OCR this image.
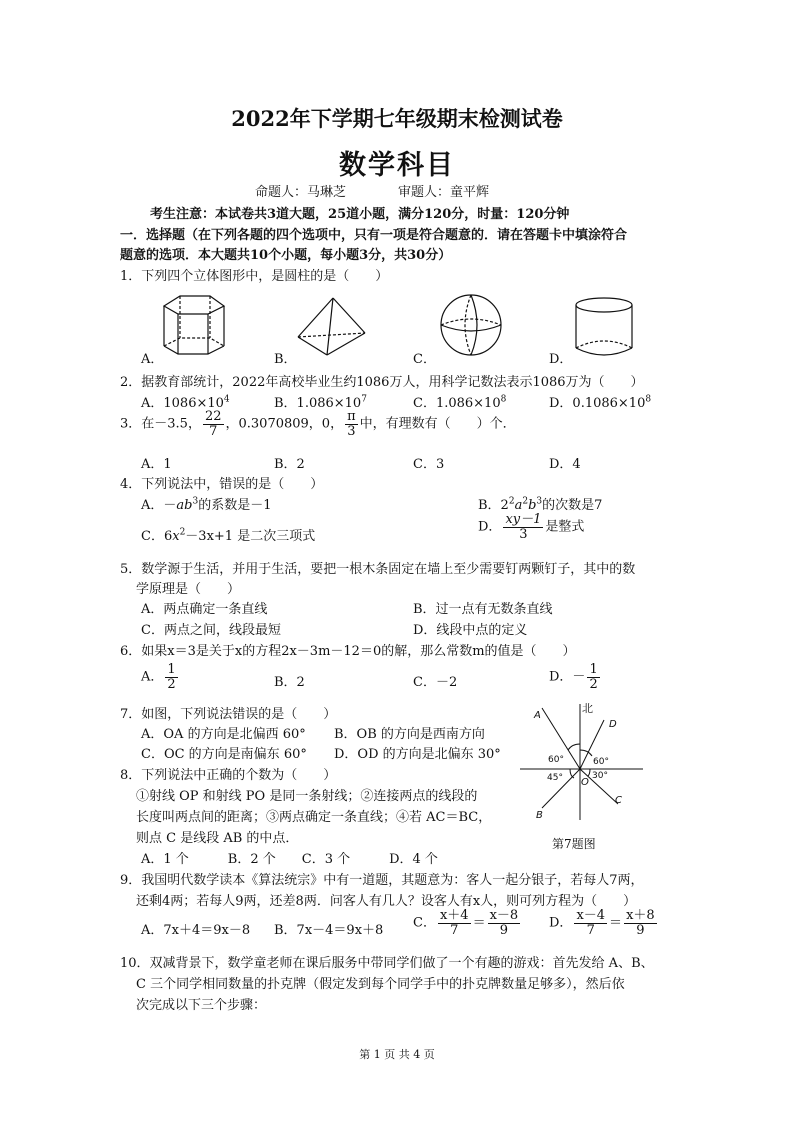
2022年下学期七年级期末检测试卷
数学科目
命题人：马琳芝　　　　审题人：童平辉
考生注意：本试卷共3道大题，25道小题，满分120分，时量：120分钟
一．选择题（在下列各题的四个选项中，只有一项是符合题意的．请在答题卡中填涂符合
题意的选项．本大题共10个小题，每小题3分，共30分）
1．下列四个立体图形中，是圆柱的是（　　）
A．	B．	C．	D．
2．据教育部统计，2022年高校毕业生约1086万人，用科学记数法表示1086万为（　　）
A．$1086\times 10^4$	B．$1.086\times 10^7$	C．$1.086\times 10^8$	D．$0.1086\times 10^8$
3．在－3.5， $\frac{22}{7}$ ，0.3070809，0， $\frac{\pi}{3}$ 中，有理数有（　　）个．
A．1	B．2	C．3	D．4
4．下列说法中，错误的是（　　）
A．$-ab^3$的系数是－1	B．$2^2a^2b^3$的次数是7
C．$6x^2-3x+1$ 是二次三项式
D． $\frac{xy-1}{3}$ 是整式
5．数学源于生活，并用于生活，要把一根木条固定在墙上至少需要钉两颗钉子，其中的数
学原理是（　　）
A．两点确定一条直线	B．过一点有无数条直线
C．两点之间，线段最短	D．线段中点的定义
6．如果x＝3是关于x的方程2x－3m－12＝0的解，那么常数m的值是（　　）
A． $\frac{1}{2}$	B．2	C．－2	D．－ $\frac{1}{2}$
7．如图，下列说法错误的是（　　）
A．OA 的方向是北偏西 60° B．OB 的方向是西南方向
C．OC 的方向是南偏东 60° D．OD 的方向是北偏东 30°
8．下列说法中正确的个数为（　　）
①射线 OP 和射线 PO 是同一条射线；②连接两点的线段的
长度叫两点间的距离；③两点确定一条直线；④若 AC＝BC，
则点 C 是线段 AB 的中点．
A．1 个　　　B．2 个　　C．3 个　　　D．4 个
北
A
B
C
D
O
60°	60°
45°	30°
第7题图
9．我国明代数学读本《算法统宗》中有一道题，其题意为：客人一起分银子，若每人7两，
还剩4两；若每人9两，还差8两．问客人有几人？设客人有x人，则可列方程为（　　）
A．7x＋4＝9x－8 B．7x－4＝9x＋8 C． $\frac{x+4}{7} = \frac{x-8}{9}$ D． $\frac{x-4}{7} = \frac{x+8}{9}$
10．双减背景下，数学童老师在课后服务中带同学们做了一个有趣的游戏：首先发给 A、B、
C 三个同学相同数量的扑克牌（假定发到每个同学手中的扑克牌数量足够多），然后依
次完成以下三个步骤：
第 1 页 共 4 页
